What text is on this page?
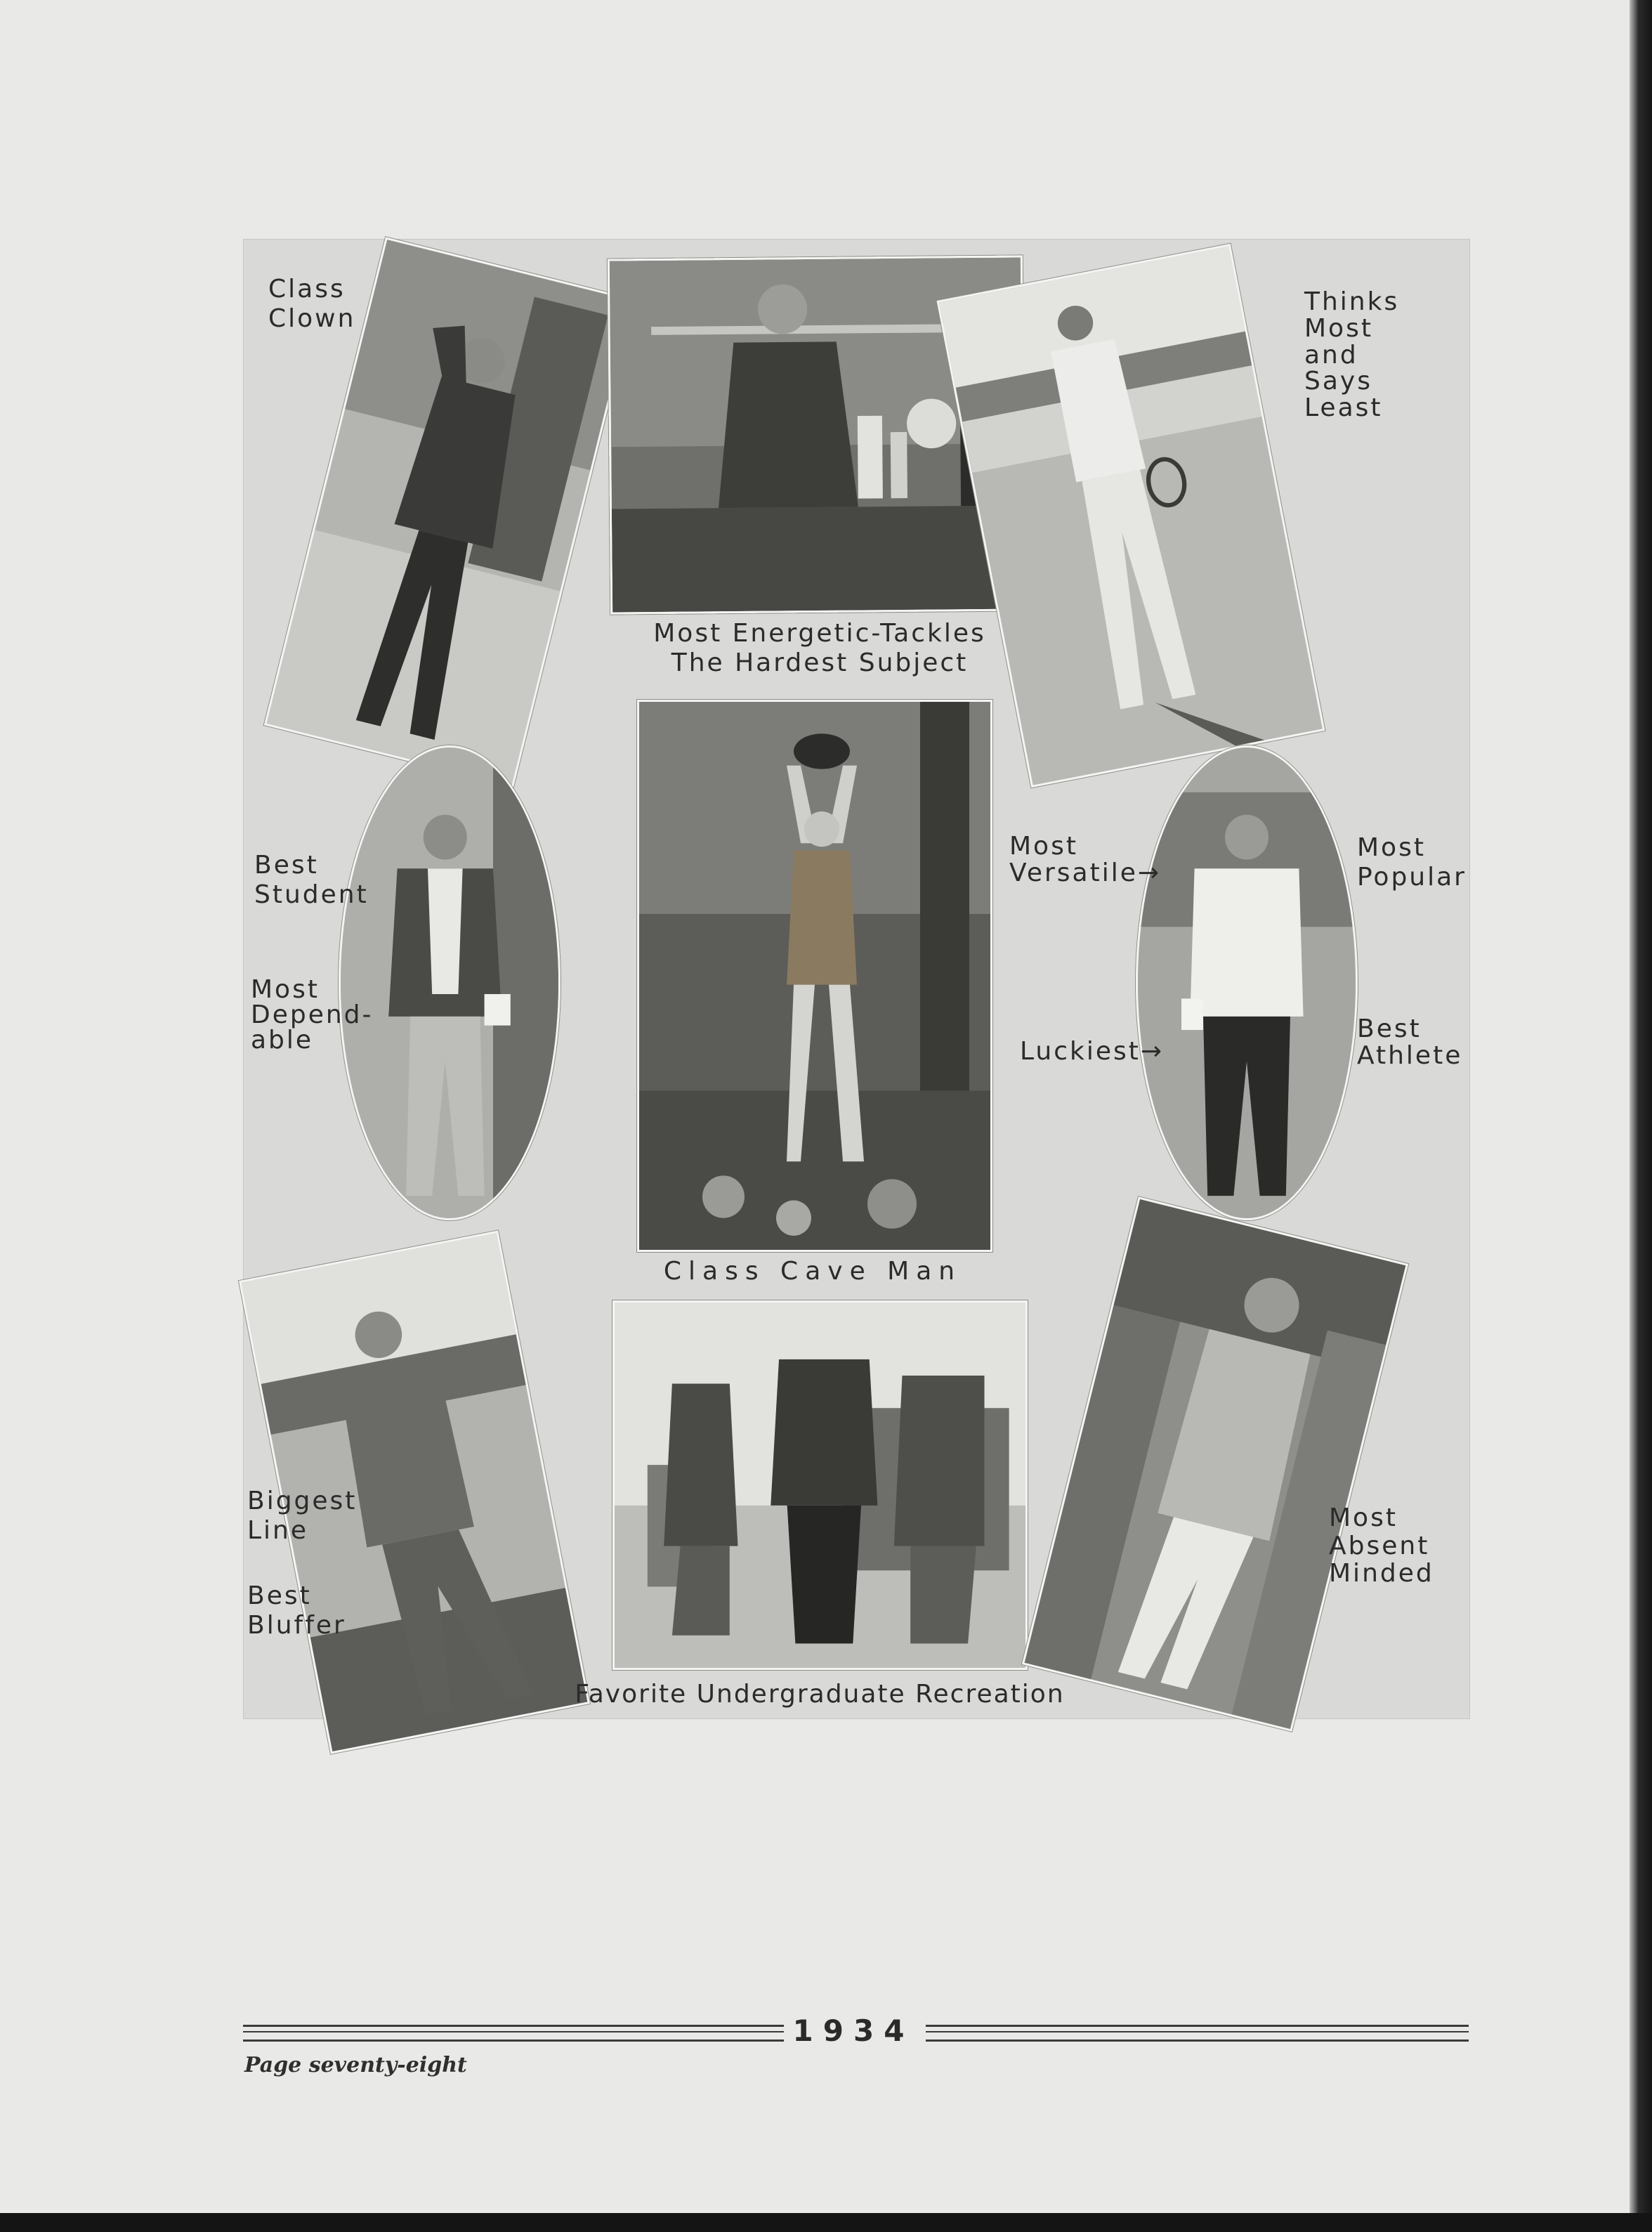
Class
Clown
Most Energetic-Tackles
The Hardest Subject
Thinks
Most
and
Says
Least
Best
Student
Most
Depend-
able
Class Cave Man
Most
Versatile→
Luckiest→
Most
Popular
Best
Athlete
Biggest
Line
Best
Bluffer
Favorite Undergraduate Recreation
Most
Absent
Minded
1934
Page seventy-eight
